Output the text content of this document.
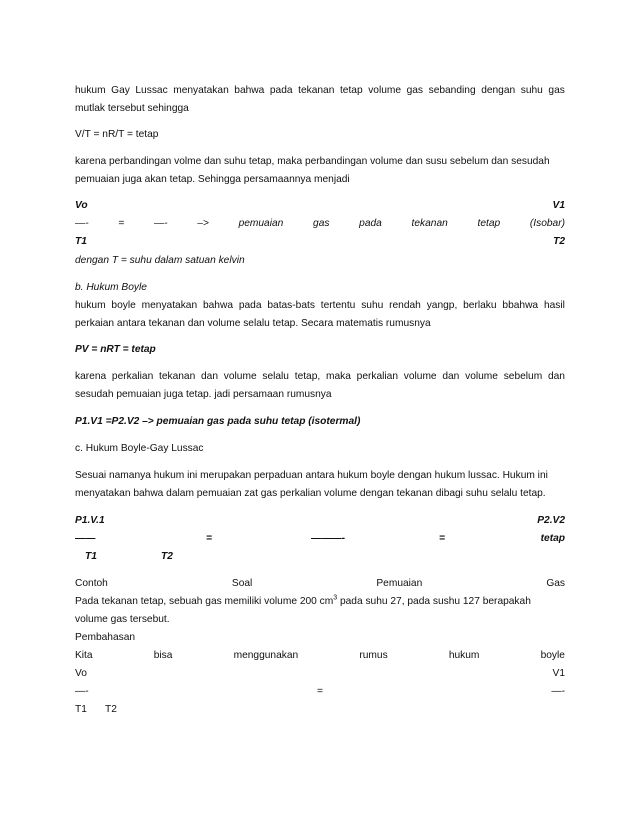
hukum Gay Lussac menyatakan bahwa pada tekanan tetap volume gas sebanding dengan suhu gas
mutlak tersebut sehingga
V/T = nR/T = tetap
karena perbandingan volme dan suhu tetap, maka perbandingan volume dan susu sebelum dan sesudah
pemuaian juga akan tetap. Sehingga persamaannya menjadi
Vo	V1
—-	=	—-	–>	pemuaian	gas	pada	tekanan	tetap	(Isobar)
T1	T2
dengan T = suhu dalam satuan kelvin
b. Hukum Boyle
hukum boyle menyatakan bahwa pada batas-bats tertentu suhu rendah yangp, berlaku bbahwa hasil
perkaian antara tekanan dan volume selalu tetap. Secara matematis rumusnya
PV = nRT = tetap
karena perkalian tekanan dan volume selalu tetap, maka perkalian volume dan volume sebelum dan
sesudah pemuaian juga tetap. jadi persamaan rumusnya
P1.V1 =P2.V2 –> pemuaian gas pada suhu tetap (isotermal)
c. Hukum Boyle-Gay Lussac
Sesuai namanya hukum ini merupakan perpaduan antara hukum boyle dengan hukum lussac. Hukum ini
menyatakan bahwa dalam pemuaian zat gas perkalian volume dengan tekanan dibagi suhu selalu tetap.
P1.V.1	P2.V2
——	=	———-	=	tetap
T1	T2
Contoh	Soal	Pemuaian	Gas
Pada tekanan tetap, sebuah gas memiliki volume 200 $cm^3$ pada suhu 27, pada sushu 127 berapakah
volume gas tersebut.
Pembahasan
Kita	bisa	menggunakan	rumus	hukum	boyle
Vo	V1
—-	=	—-
T1 T2
